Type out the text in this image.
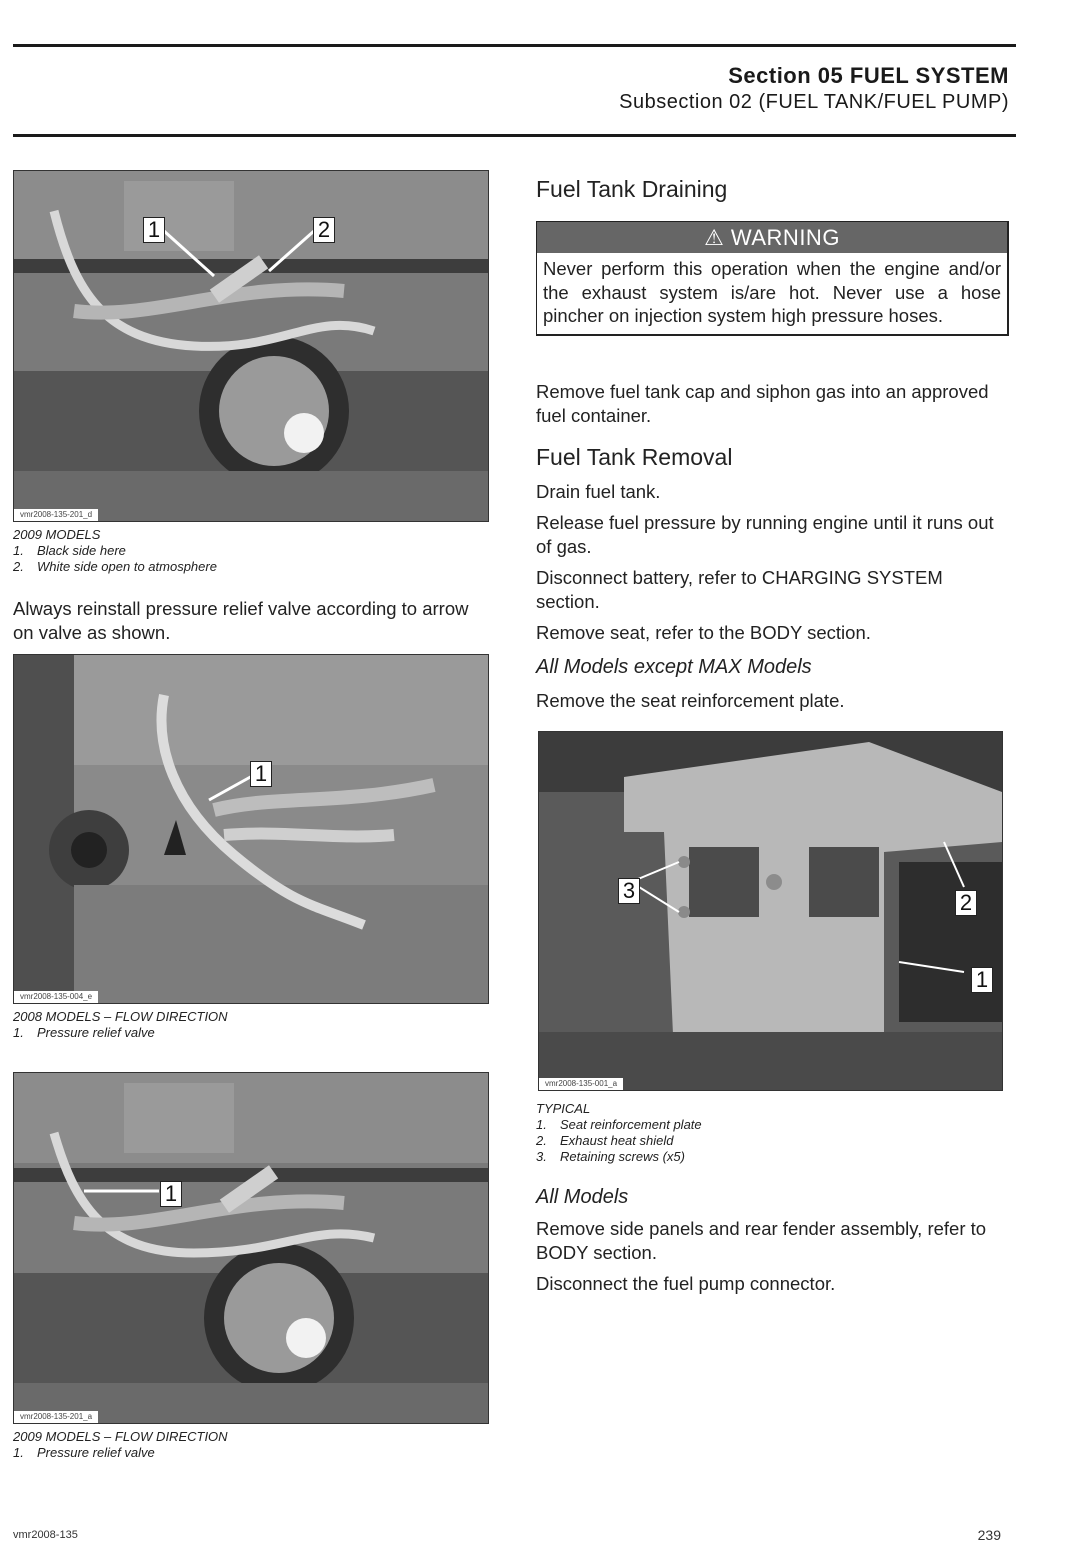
Section 05 FUEL SYSTEM
Subsection 02 (FUEL TANK/FUEL PUMP)
1	2
vmr2008-135-201_d
2009 MODELS
1. Black side here
2. White side open to atmosphere
Always reinstall pressure relief valve according to arrow on valve as shown.
1
vmr2008-135-004_e
2008 MODELS – FLOW DIRECTION
1. Pressure relief valve
1
vmr2008-135-201_a
2009 MODELS – FLOW DIRECTION
1. Pressure relief valve
Fuel Tank Draining
⚠ WARNING
Never perform this operation when the engine and/or the exhaust system is/are hot. Never use a hose pincher on injection system high pressure hoses.
Remove fuel tank cap and siphon gas into an approved fuel container.
Fuel Tank Removal
Drain fuel tank.
Release fuel pressure by running engine until it runs out of gas.
Disconnect battery, refer to CHARGING SYSTEM section.
Remove seat, refer to the BODY section.
All Models except MAX Models
Remove the seat reinforcement plate.
3	2
1
vmr2008-135-001_a
TYPICAL
1. Seat reinforcement plate
2. Exhaust heat shield
3. Retaining screws (x5)
All Models
Remove side panels and rear fender assembly, refer to BODY section.
Disconnect the fuel pump connector.
vmr2008-135	239
